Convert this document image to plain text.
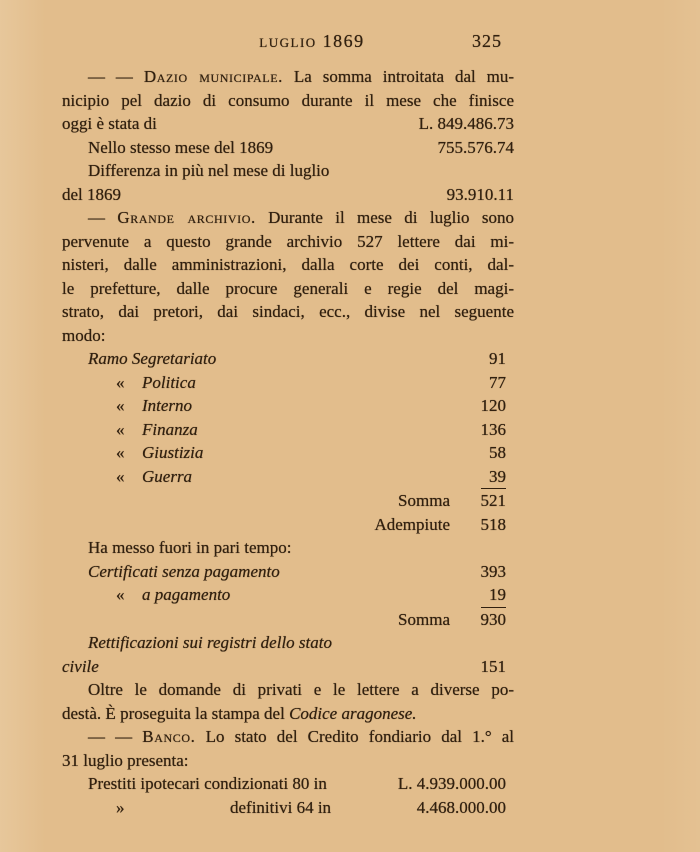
luglio 1869	325
— — Dazio municipale. La somma introitata dal mu-
nicipio pel dazio di consumo durante il mese che finisce
oggi è stata di	L. 849.486.73
Nello stesso mese del 1869	755.576.74
Differenza in più nel mese di luglio
del 1869	93.910.11
— Grande archivio. Durante il mese di luglio sono
pervenute a questo grande archivio 527 lettere dai mi-
nisteri, dalle amministrazioni, dalla corte dei conti, dal-
le prefetture, dalle procure generali e regie del magi-
strato, dai pretori, dai sindaci, ecc., divise nel seguente
modo:
Ramo Segretariato	91
« Politica	77
« Interno	120
« Finanza	136
« Giustizia	58
« Guerra	39
Somma	521
Adempiute	518
Ha messo fuori in pari tempo:
Certificati senza pagamento	393
« a pagamento	19
Somma	930
Rettificazioni sui registri dello stato
civile	151
Oltre le domande di privati e le lettere a diverse po-
destà. È proseguita la stampa del Codice aragonese.
— — Banco. Lo stato del Credito fondiario dal 1.° al
31 luglio presenta:
Prestiti ipotecari condizionati 80 in	L. 4.939.000.00
»	definitivi 64 in	4.468.000.00
